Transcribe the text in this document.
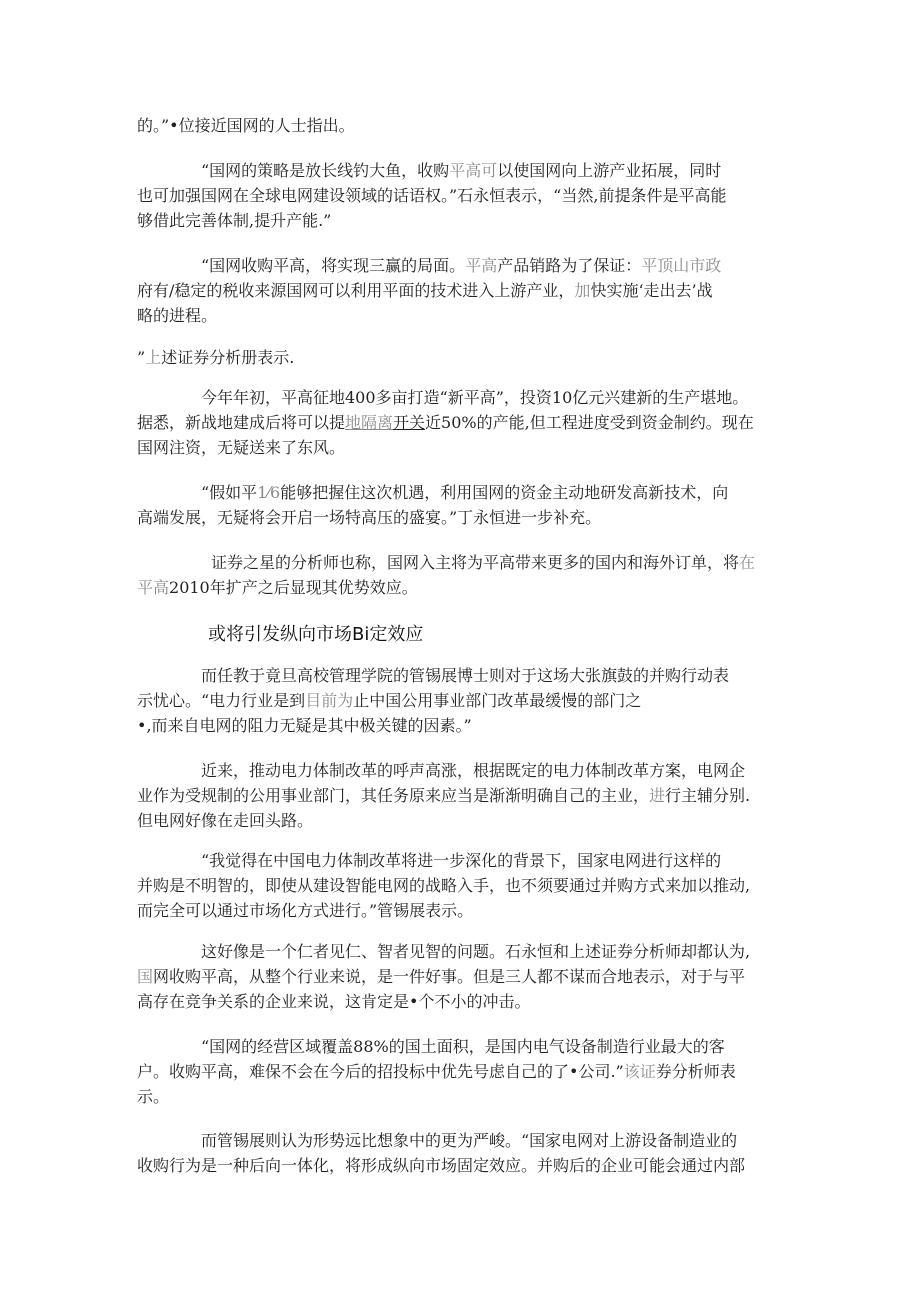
的。”•位接近国网的人士指出。
“国网的策略是放长线钓大鱼，收购平高可以使国网向上游产业拓展，同时
也可加强国网在全球电网建设领域的话语权。”石永恒表示，“当然,前提条件是平高能
够借此完善体制,提升产能.”
“国网收购平高，将实现三赢的局面。平高产品销路为了保证：平顶山市政
府有/稳定的税收来源国网可以利用平面的技术进入上游产业，加快实施‘走出去’战
略的进程。
”上述证券分析册表示.
今年年初，平高征地400多亩打造“新平高”，投资10亿元兴建新的生产堪地。
据悉，新战地建成后将可以提地隔离开关近50%的产能,但工程进度受到资金制约。现在
国网注资，无疑送来了东风。
“假如平1⁄6能够把握住这次机遇，利用国网的资金主动地研发高新技术，向
高端发展，无疑将会开启一场特高压的盛宴。”丁永恒进一步补充。
证券之星的分析师也称，国网入主将为平高带来更多的国内和海外订单，将在
平高2010年扩产之后显现其优势效应。
或将引发纵向市场Bi定效应
而任教于竟旦高校管理学院的管锡展博士则对于这场大张旗鼓的并购行动表
示忧心。“电力行业是到目前为止中国公用事业部门改革最缓慢的部门之
•,而来自电网的阻力无疑是其中极关键的因素。”
近来，推动电力体制改革的呼声高涨，根据既定的电力体制改革方案，电网企
业作为受规制的公用事业部门，其任务原来应当是渐渐明确自己的主业，进行主辅分别.
但电网好像在走回头路。
“我觉得在中国电力体制改革将进一步深化的背景下，国家电网进行这样的
并购是不明智的，即使从建设智能电网的战略入手，也不须要通过并购方式来加以推动,
而完全可以通过市场化方式进行。”管锡展表示。
这好像是一个仁者见仁、智者见智的问题。石永恒和上述证券分析师却都认为,
国网收购平高，从整个行业来说，是一件好事。但是三人都不谋而合地表示，对于与平
高存在竞争关系的企业来说，这肯定是•个不小的冲击。
“国网的经营区域覆盖88%的国土面积，是国内电气设备制造行业最大的客
户。收购平高，难保不会在今后的招投标中优先号虑自己的了•公司.”该证券分析师表
示。
而管锡展则认为形势远比想象中的更为严峻。“国家电网对上游设备制造业的
收购行为是一种后向一体化，将形成纵向市场固定效应。并购后的企业可能会通过内部
